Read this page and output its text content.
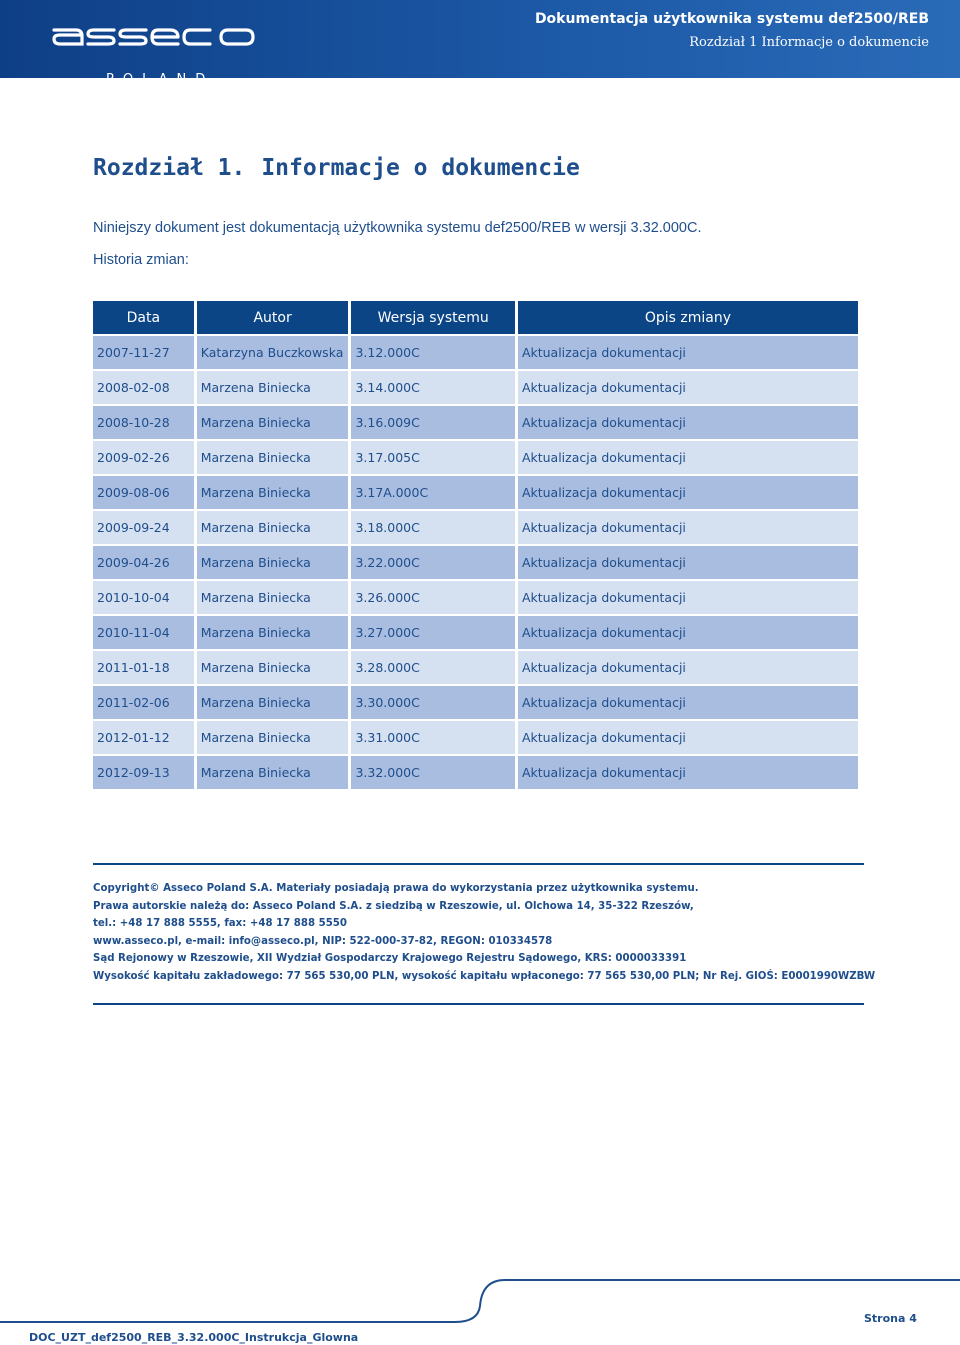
POLAND
Dokumentacja użytkownika systemu def2500/REB
Rozdział 1 Informacje o dokumencie
Rozdział 1. Informacje o dokumencie
Niniejszy dokument jest dokumentacją użytkownika systemu def2500/REB w wersji 3.32.000C.
Historia zmian:
Data	Autor	Wersja systemu	Opis zmiany
2007-11-27	Katarzyna Buczkowska	3.12.000C	Aktualizacja dokumentacji
2008-02-08	Marzena Biniecka	3.14.000C	Aktualizacja dokumentacji
2008-10-28	Marzena Biniecka	3.16.009C	Aktualizacja dokumentacji
2009-02-26	Marzena Biniecka	3.17.005C	Aktualizacja dokumentacji
2009-08-06	Marzena Biniecka	3.17A.000C	Aktualizacja dokumentacji
2009-09-24	Marzena Biniecka	3.18.000C	Aktualizacja dokumentacji
2009-04-26	Marzena Biniecka	3.22.000C	Aktualizacja dokumentacji
2010-10-04	Marzena Biniecka	3.26.000C	Aktualizacja dokumentacji
2010-11-04	Marzena Biniecka	3.27.000C	Aktualizacja dokumentacji
2011-01-18	Marzena Biniecka	3.28.000C	Aktualizacja dokumentacji
2011-02-06	Marzena Biniecka	3.30.000C	Aktualizacja dokumentacji
2012-01-12	Marzena Biniecka	3.31.000C	Aktualizacja dokumentacji
2012-09-13	Marzena Biniecka	3.32.000C	Aktualizacja dokumentacji
Copyright© Asseco Poland S.A. Materiały posiadają prawa do wykorzystania przez użytkownika systemu.
Prawa autorskie należą do: Asseco Poland S.A. z siedzibą w Rzeszowie, ul. Olchowa 14, 35-322 Rzeszów,
tel.: +48 17 888 5555, fax: +48 17 888 5550
www.asseco.pl, e-mail: info@asseco.pl, NIP: 522-000-37-82, REGON: 010334578
Sąd Rejonowy w Rzeszowie, XII Wydział Gospodarczy Krajowego Rejestru Sądowego, KRS: 0000033391
Wysokość kapitału zakładowego: 77 565 530,00 PLN, wysokość kapitału wpłaconego: 77 565 530,00 PLN; Nr Rej. GIOŚ: E0001990WZBW
Strona 4
DOC_UZT_def2500_REB_3.32.000C_Instrukcja_Glowna
